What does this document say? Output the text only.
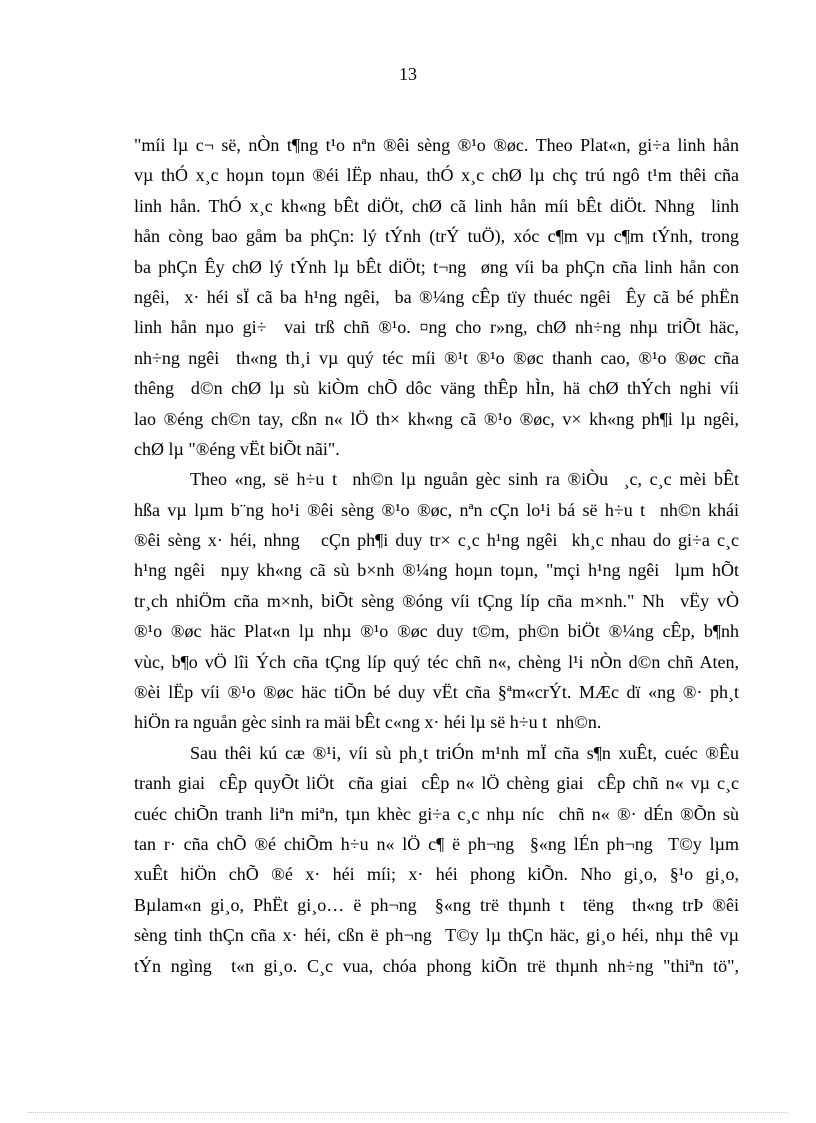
13
"míi lµ c¬ së, nÒn t¶ng t¹o nªn ®êi sèng ®¹o ®øc. Theo Plat«n, gi÷a linh hån
vµ thÓ x¸c hoµn toµn ®éi lËp nhau, thÓ x¸c chØ lµ chç trú ngô t¹m thêi cña
linh hån. ThÓ x¸c kh«ng bÊt diÖt, chØ cã linh hån míi bÊt diÖt. Nhng  linh
hån còng bao gåm ba phÇn: lý tÝnh (trÝ tuÖ), xóc c¶m vµ c¶m tÝnh, trong
ba phÇn Êy chØ lý tÝnh lµ bÊt diÖt; t¬ng  øng víi ba phÇn cña linh hån con
ngêi,  x· héi sÏ cã ba h¹ng ngêi,  ba ®¼ng cÊp tïy thuéc ngêi  Êy cã bé phËn
linh hån nµo gi÷  vai trß chñ ®¹o. ¤ng cho r»ng, chØ nh÷ng nhµ triÕt häc,
nh÷ng ngêi  th«ng th¸i vµ quý téc míi ®¹t ®¹o ®øc thanh cao, ®¹o ®øc cña
thêng  d©n chØ lµ sù kiÒm chÕ dôc väng thÊp hÌn, hä chØ thÝch nghi víi
lao ®éng ch©n tay, cßn n« lÖ th× kh«ng cã ®¹o ®øc, v× kh«ng ph¶i lµ ngêi,
chØ lµ "®éng vËt biÕt nãi".
Theo «ng, së h÷u t  nh©n lµ nguån gèc sinh ra ®iÒu  ¸c, c¸c mèi bÊt
hßa vµ lµm b¨ng ho¹i ®êi sèng ®¹o ®øc, nªn cÇn lo¹i bá së h÷u t  nh©n khái
®êi sèng x· héi, nhng   cÇn ph¶i duy tr× c¸c h¹ng ngêi  kh¸c nhau do gi÷a c¸c
h¹ng ngêi  nµy kh«ng cã sù b×nh ®¼ng hoµn toµn, "mçi h¹ng ngêi  lµm hÕt
tr¸ch nhiÖm cña m×nh, biÕt sèng ®óng víi tÇng líp cña m×nh." Nh  vËy vÒ
®¹o ®øc häc Plat«n lµ nhµ ®¹o ®øc duy t©m, ph©n biÖt ®¼ng cÊp, b¶nh
vùc, b¶o vÖ lîi Ých cña tÇng líp quý téc chñ n«, chèng l¹i nÒn d©n chñ Aten,
®èi lËp víi ®¹o ®øc häc tiÕn bé duy vËt cña §ªm«crÝt. MÆc dï «ng ®· ph¸t
hiÖn ra nguån gèc sinh ra mäi bÊt c«ng x· héi lµ së h÷u t  nh©n.
Sau thêi kú cæ ®¹i, víi sù ph¸t triÓn m¹nh mÏ cña s¶n xuÊt, cuéc ®Êu
tranh giai  cÊp quyÕt liÖt  cña giai  cÊp n« lÖ chèng giai  cÊp chñ n« vµ c¸c
cuéc chiÕn tranh liªn miªn, tµn khèc gi÷a c¸c nhµ níc  chñ n« ®· dÉn ®Õn sù
tan r· cña chÕ ®é chiÕm h÷u n« lÖ c¶ ë ph¬ng  §«ng lÉn ph¬ng  T©y lµm
xuÊt hiÖn chÕ ®é x· héi míi; x· héi phong kiÕn. Nho gi¸o, §¹o gi¸o,
Bµlam«n gi¸o, PhËt gi¸o… ë ph¬ng  §«ng trë thµnh t  tëng  th«ng trÞ ®êi
sèng tinh thÇn cña x· héi, cßn ë ph¬ng  T©y lµ thÇn häc, gi¸o héi, nhµ thê vµ
tÝn ngìng  t«n gi¸o. C¸c vua, chóa phong kiÕn trë thµnh nh÷ng "thiªn tö",
